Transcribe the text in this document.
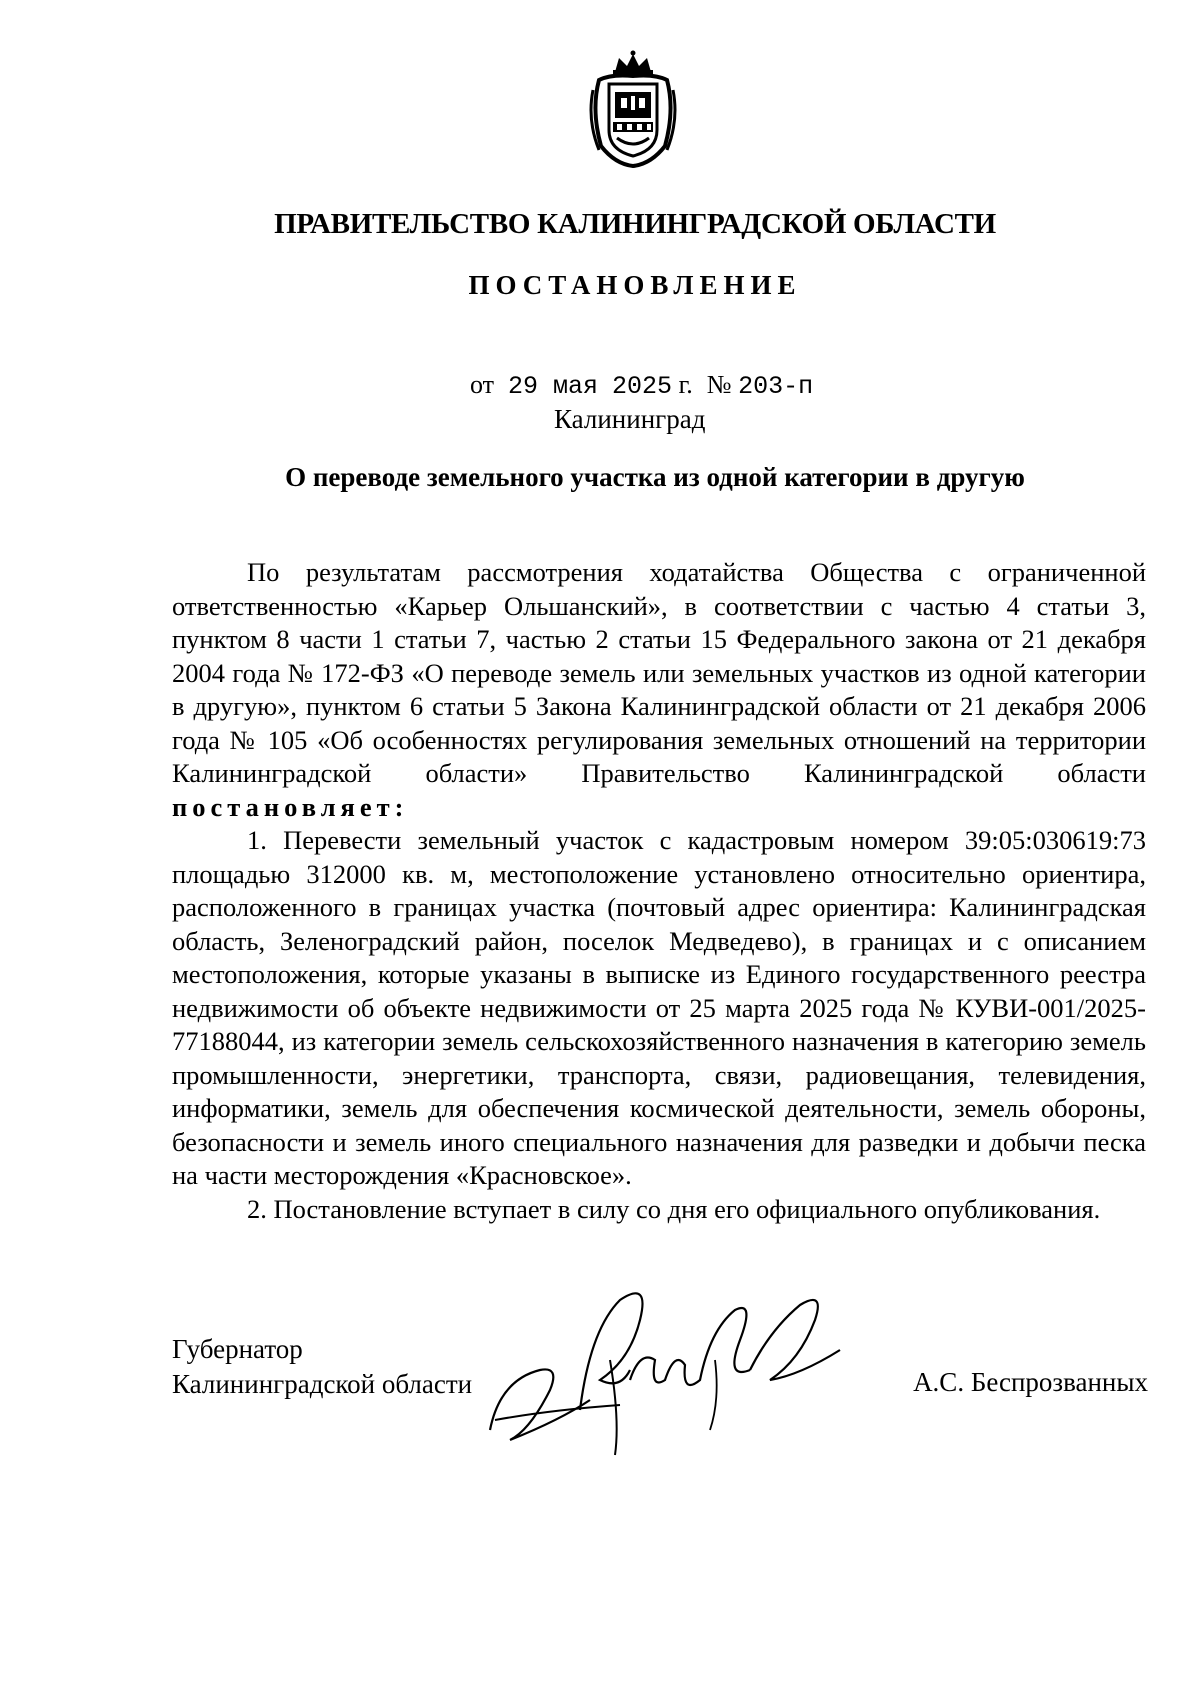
ПРАВИТЕЛЬСТВО КАЛИНИНГРАДСКОЙ ОБЛАСТИ
ПОСТАНОВЛЕНИЕ
от 29 мая 2025 г. № 203-п
Калининград
О переводе земельного участка из одной категории в другую

По результатам рассмотрения ходатайства Общества с ограниченной ответственностью «Карьер Ольшанский», в соответствии с частью 4 статьи 3, пунктом 8 части 1 статьи 7, частью 2 статьи 15 Федерального закона от 21 декабря 2004 года № 172-ФЗ «О переводе земель или земельных участков из одной категории в другую», пунктом 6 статьи 5 Закона Калининградской области от 21 декабря 2006 года № 105 «Об особенностях регулирования земельных отношений на территории Калининградской области» Правительство Калининградской области постановляет:

1. Перевести земельный участок с кадастровым номером 39:05:030619:73 площадью 312000 кв. м, местоположение установлено относительно ориентира, расположенного в границах участка (почтовый адрес ориентира: Калининградская область, Зеленоградский район, поселок Медведево), в границах и с описанием местоположения, которые указаны в выписке из Единого государственного реестра недвижимости об объекте недвижимости от 25 марта 2025 года № КУВИ-001/2025-77188044, из категории земель сельскохозяйственного назначения в категорию земель промышленности, энергетики, транспорта, связи, радиовещания, телевидения, информатики, земель для обеспечения космической деятельности, земель обороны, безопасности и земель иного специального назначения для разведки и добычи песка на части месторождения «Красновское».

2. Постановление вступает в силу со дня его официального опубликования.

Губернатор
Калининградской области	А.С. Беспрозванных
